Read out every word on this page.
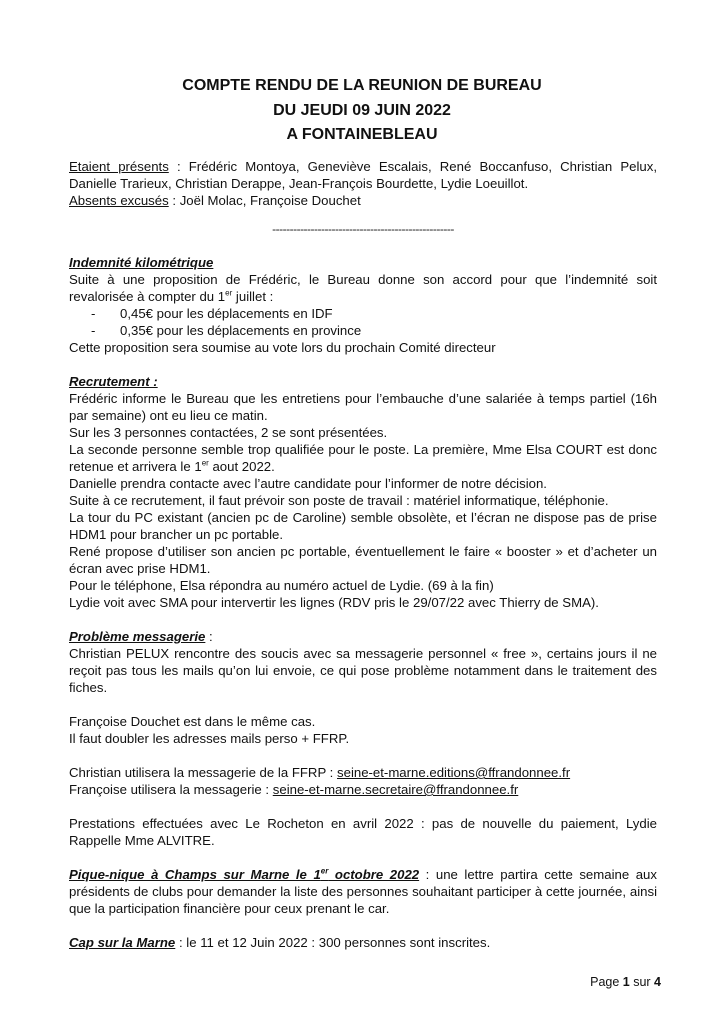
COMPTE RENDU DE LA REUNION DE BUREAU
DU JEUDI 09 JUIN 2022
A FONTAINEBLEAU

Etaient présents : Frédéric Montoya, Geneviève Escalais, René Boccanfuso, Christian Pelux, Danielle Trarieux, Christian Derappe, Jean-François Bourdette, Lydie Loeuillot.

Absents excusés : Joël Molac, Françoise Douchet

----------------------------------------------------

Indemnité kilométrique

Suite à une proposition de Frédéric, le Bureau donne son accord pour que l’indemnité soit revalorisée à compter du 1er juillet :

- 0,45€ pour les déplacements en IDF

- 0,35€ pour les déplacements en province

Cette proposition sera soumise au vote lors du prochain Comité directeur

Recrutement :

Frédéric informe le Bureau que les entretiens pour l’embauche d’une salariée à temps partiel (16h par semaine) ont eu lieu ce matin.

Sur les 3 personnes contactées, 2 se sont présentées.

La seconde personne semble trop qualifiée pour le poste. La première, Mme Elsa COURT est donc retenue et arrivera le 1er aout 2022.

Danielle prendra contacte avec l’autre candidate pour l’informer de notre décision.

Suite à ce recrutement, il faut prévoir son poste de travail : matériel informatique, téléphonie.

La tour du PC existant (ancien pc de Caroline) semble obsolète, et l’écran ne dispose pas de prise HDM1 pour brancher un pc portable.

René propose d’utiliser son ancien pc portable, éventuellement le faire « booster » et d’acheter un écran avec prise HDM1.

Pour le téléphone, Elsa répondra au numéro actuel de Lydie. (69 à la fin)

Lydie voit avec SMA pour intervertir les lignes (RDV pris le 29/07/22 avec Thierry de SMA).

Problème messagerie :

Christian PELUX rencontre des soucis avec sa messagerie personnel « free », certains jours il ne reçoit pas tous les mails qu’on lui envoie, ce qui pose problème notamment dans le traitement des fiches.

Françoise Douchet est dans le même cas.

Il faut doubler les adresses mails perso + FFRP.

Christian utilisera la messagerie de la FFRP : seine-et-marne.editions@ffrandonnee.fr

Françoise utilisera la messagerie : seine-et-marne.secretaire@ffrandonnee.fr

Prestations effectuées avec Le Rocheton en avril 2022 : pas de nouvelle du paiement, Lydie Rappelle Mme ALVITRE.

Pique-nique à Champs sur Marne le 1er octobre 2022 : une lettre partira cette semaine aux présidents de clubs pour demander la liste des personnes souhaitant participer à cette journée, ainsi que la participation financière pour ceux prenant le car.

Cap sur la Marne : le 11 et 12 Juin 2022 : 300 personnes sont inscrites.

Page 1 sur 4
